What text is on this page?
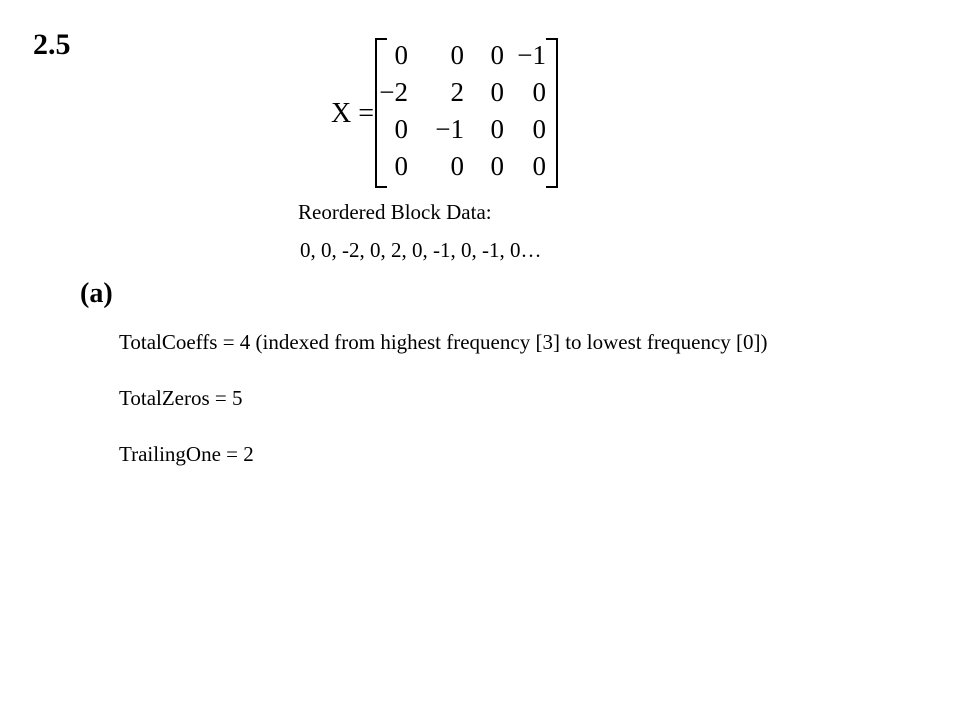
2.5
X =
0	0 0 −1
−2	2 0	0
0	−1 0	0
0	0 0	0
Reordered Block Data:
0, 0, -2, 0, 2, 0, -1, 0, -1, 0…
(a)
TotalCoeffs = 4 (indexed from highest frequency [3] to lowest frequency [0])
TotalZeros = 5
TrailingOne = 2
